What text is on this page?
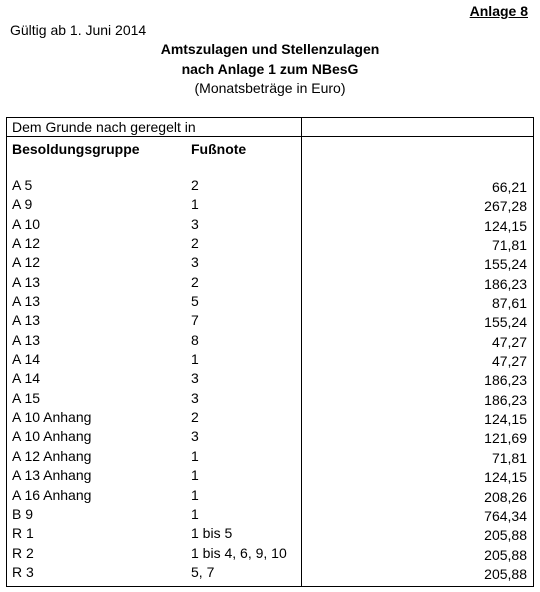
Anlage 8
Gültig ab 1. Juni 2014
Amtszulagen und Stellenzulagen
nach Anlage 1 zum NBesG
(Monatsbeträge in Euro)
Dem Grunde nach geregelt in
Besoldungsgruppe	Fußnote
A 5	2	66,21
A 9	1	267,28
A 10	3	124,15
A 12	2	71,81
A 12	3	155,24
A 13	2	186,23
A 13	5	87,61
A 13	7	155,24
A 13	8	47,27
A 14	1	47,27
A 14	3	186,23
A 15	3	186,23
A 10 Anhang	2	124,15
A 10 Anhang	3	121,69
A 12 Anhang	1	71,81
A 13 Anhang	1	124,15
A 16 Anhang	1	208,26
B 9	1	764,34
R 1	1 bis 5	205,88
R 2	1 bis 4, 6, 9, 10	205,88
R 3	5, 7	205,88
